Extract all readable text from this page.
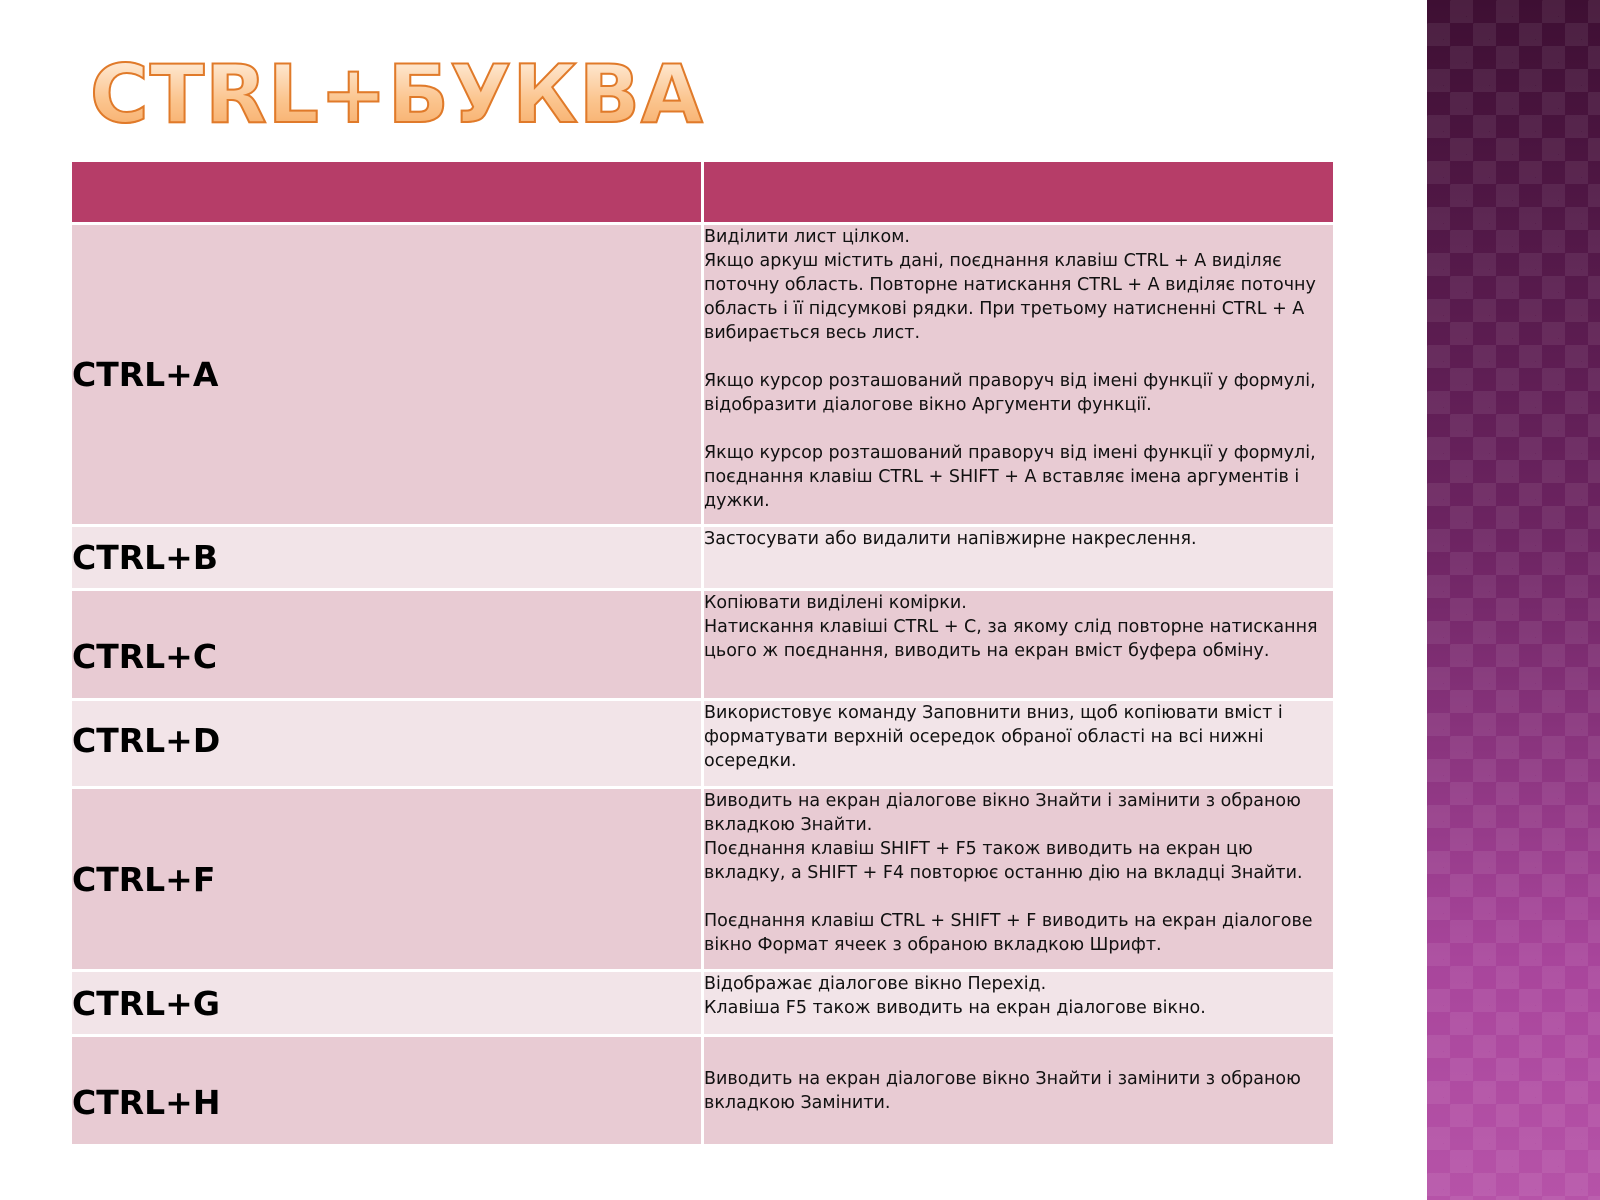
CTRL+БУКВА

CTRL+A	Виділити лист цілком.
Якщо аркуш містить дані, поєднання клавіш CTRL + A виділяє поточну область. Повторне натискання CTRL + A виділяє поточну область і її підсумкові рядки. При третьому натисненні CTRL + A вибирається весь лист.

Якщо курсор розташований праворуч від імені функції у формулі, відобразити діалогове вікно Аргументи функції.

Якщо курсор розташований праворуч від імені функції у формулі, поєднання клавіш CTRL + SHIFT + A вставляє імена аргументів і дужки.
CTRL+B	Застосувати або видалити напівжирне накреслення.
CTRL+C	Копіювати виділені комірки.
Натискання клавіші CTRL + C, за якому слід повторне натискання цього ж поєднання, виводить на екран вміст буфера обміну.
CTRL+D	Використовує команду Заповнити вниз, щоб копіювати вміст і форматувати верхній осередок обраної області на всі нижні осередки.
CTRL+F	Виводить на екран діалогове вікно Знайти і замінити з обраною вкладкою Знайти.
Поєднання клавіш SHIFT + F5 також виводить на екран цю вкладку, а SHIFT + F4 повторює останню дію на вкладці Знайти.

Поєднання клавіш CTRL + SHIFT + F виводить на екран діалогове вікно Формат ячеек з обраною вкладкою Шрифт.
CTRL+G	Відображає діалогове вікно Перехід.
Клавіша F5 також виводить на екран діалогове вікно.
CTRL+H	Виводить на екран діалогове вікно Знайти і замінити з обраною вкладкою Замінити.
